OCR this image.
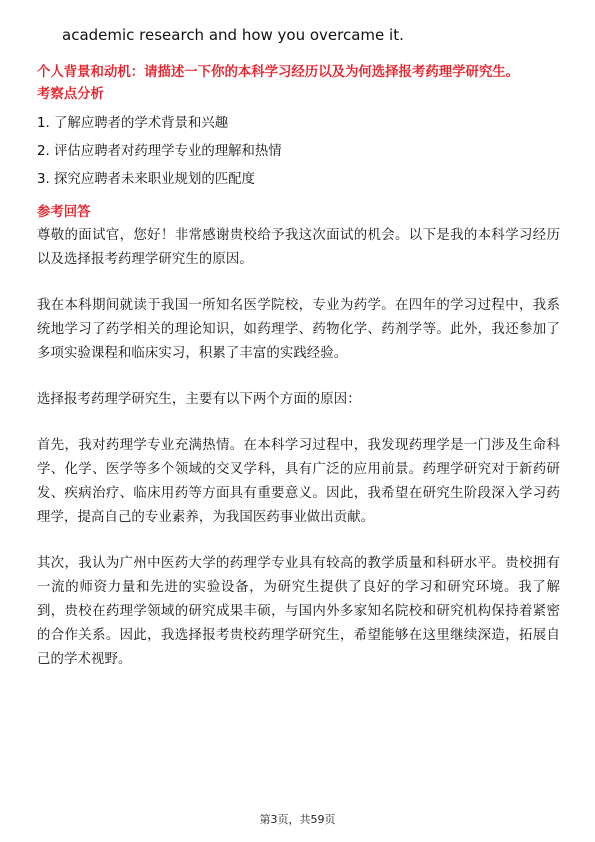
academic research and how you overcame it.

个人背景和动机：请描述一下你的本科学习经历以及为何选择报考药理学研究生。

考察点分析

1. 了解应聘者的学术背景和兴趣
2. 评估应聘者对药理学专业的理解和热情
3. 探究应聘者未来职业规划的匹配度

参考回答

尊敬的面试官，您好！非常感谢贵校给予我这次面试的机会。以下是我的本科学习经历以及选择报考药理学研究生的原因。

我在本科期间就读于我国一所知名医学院校，专业为药学。在四年的学习过程中，我系统地学习了药学相关的理论知识，如药理学、药物化学、药剂学等。此外，我还参加了多项实验课程和临床实习，积累了丰富的实践经验。

选择报考药理学研究生，主要有以下两个方面的原因：

首先，我对药理学专业充满热情。在本科学习过程中，我发现药理学是一门涉及生命科学、化学、医学等多个领域的交叉学科，具有广泛的应用前景。药理学研究对于新药研发、疾病治疗、临床用药等方面具有重要意义。因此，我希望在研究生阶段深入学习药理学，提高自己的专业素养，为我国医药事业做出贡献。

其次，我认为广州中医药大学的药理学专业具有较高的教学质量和科研水平。贵校拥有一流的师资力量和先进的实验设备，为研究生提供了良好的学习和研究环境。我了解到，贵校在药理学领域的研究成果丰硕，与国内外多家知名院校和研究机构保持着紧密的合作关系。因此，我选择报考贵校药理学研究生，希望能够在这里继续深造，拓展自己的学术视野。

第3页，共59页
